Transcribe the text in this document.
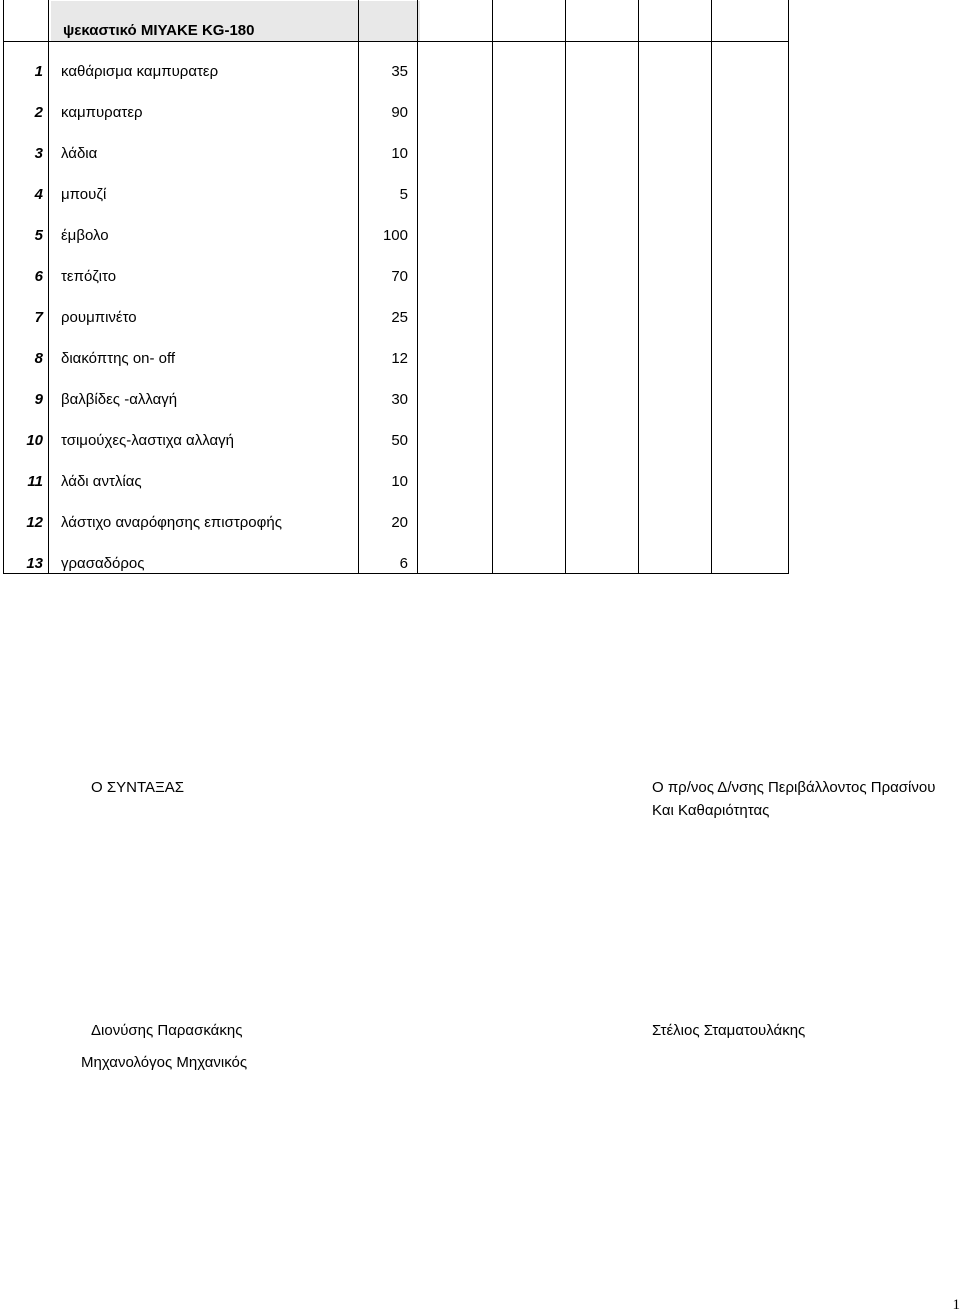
ψεκαστικό MIYAKE KG-180
1 καθάρισμα καμπυρατερ	35
2 καμπυρατερ	90
3 λάδια	10
4 μπουζί	5
5 έμβολο	100
6 τεπόζιτο	70
7 ρουμπινέτο	25
8 διακόπτης on- off	12
9 βαλβίδες -αλλαγή	30
10 τσιμούχες-λαστιχα αλλαγή	50
11 λάδι αντλίας	10
12 λάστιχο αναρόφησης επιστροφής	20
13 γρασαδόρος	6
Ο ΣΥΝΤΑΞΑΣ	Ο πρ/νος Δ/νσης Περιβάλλοντος Πρασίνου
Και Καθαριότητας
Διονύσης Παρασκάκης
Μηχανολόγος Μηχανικός
Στέλιος Σταματουλάκης
1
